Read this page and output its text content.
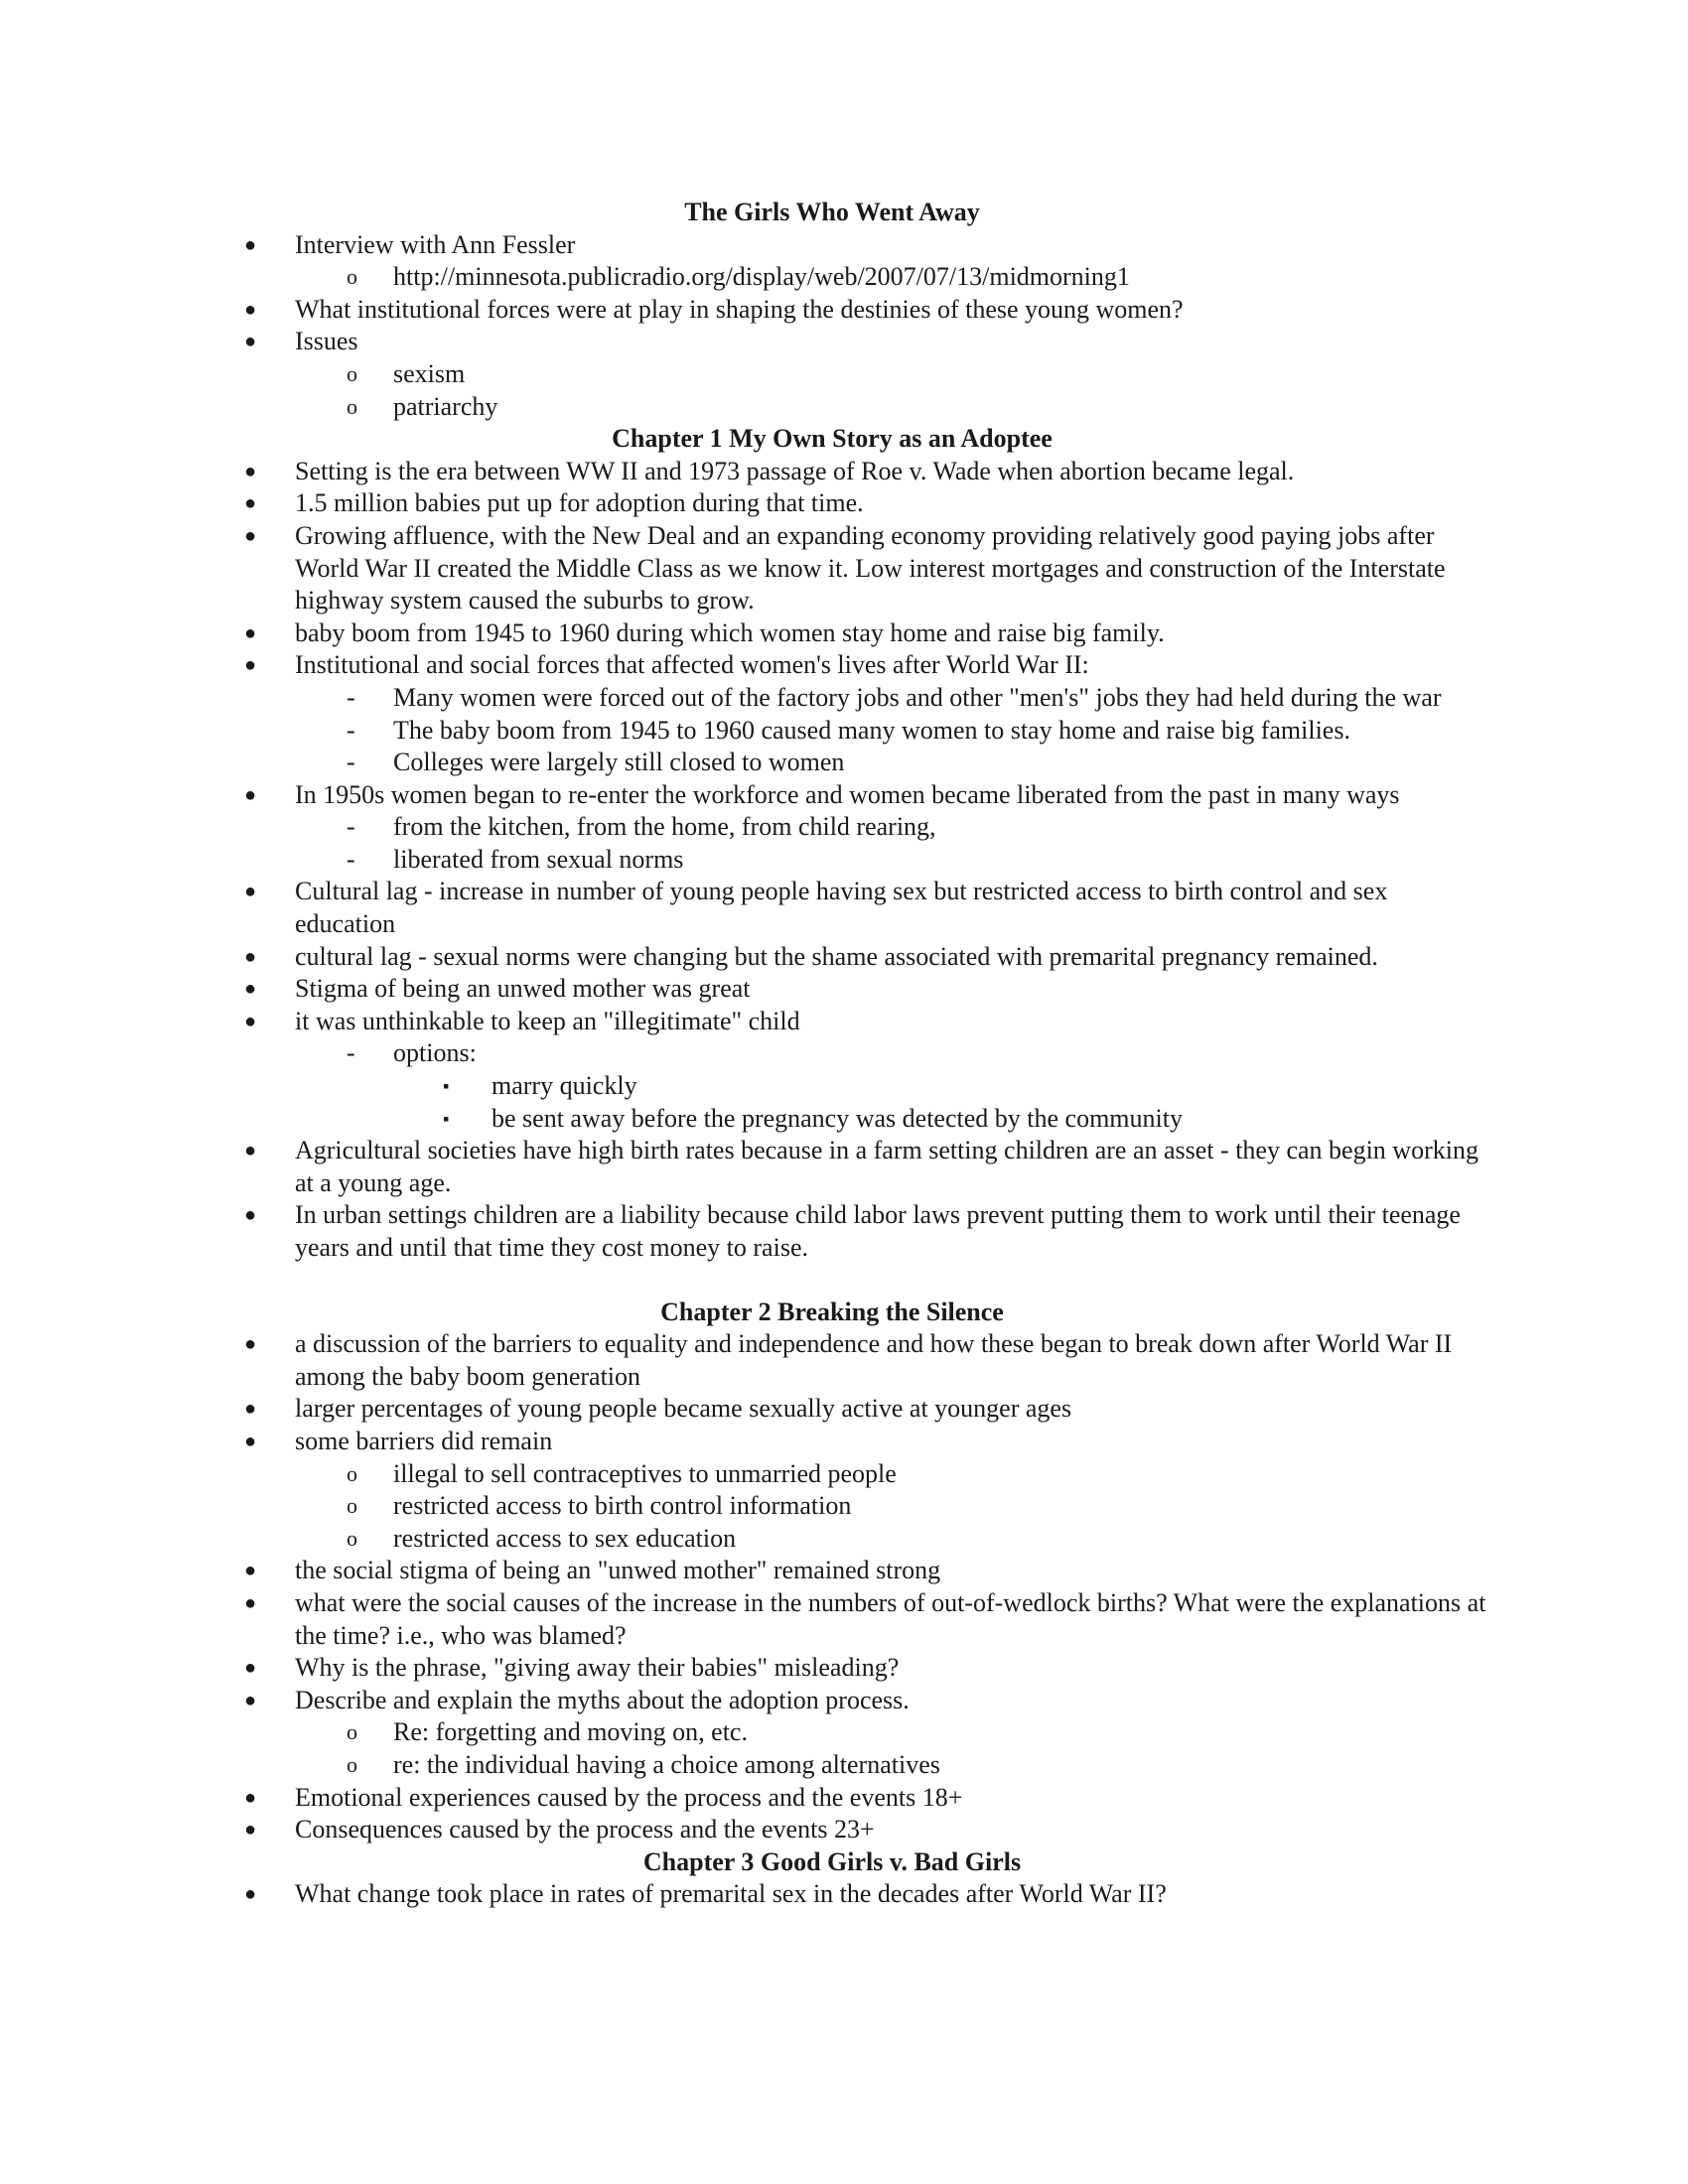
The Girls Who Went Away
● Interview with Ann Fessler
o http://minnesota.publicradio.org/display/web/2007/07/13/midmorning1
● What institutional forces were at play in shaping the destinies of these young women?
● Issues
o sexism
o patriarchy
Chapter 1 My Own Story as an Adoptee
● Setting is the era between WW II and 1973 passage of Roe v. Wade when abortion became legal.
● 1.5 million babies put up for adoption during that time.
● Growing affluence, with the New Deal and an expanding economy providing relatively good paying jobs after World War II created the Middle Class as we know it. Low interest mortgages and construction of the Interstate highway system caused the suburbs to grow.
● baby boom from 1945 to 1960 during which women stay home and raise big family.
● Institutional and social forces that affected women's lives after World War II:
- Many women were forced out of the factory jobs and other "men's" jobs they had held during the war
- The baby boom from 1945 to 1960 caused many women to stay home and raise big families.
- Colleges were largely still closed to women
● In 1950s women began to re-enter the workforce and women became liberated from the past in many ways
- from the kitchen, from the home, from child rearing,
- liberated from sexual norms
● Cultural lag - increase in number of young people having sex but restricted access to birth control and sex education
● cultural lag - sexual norms were changing but the shame associated with premarital pregnancy remained.
● Stigma of being an unwed mother was great
● it was unthinkable to keep an "illegitimate" child
- options:
▪ marry quickly
▪ be sent away before the pregnancy was detected by the community
● Agricultural societies have high birth rates because in a farm setting children are an asset - they can begin working at a young age.
● In urban settings children are a liability because child labor laws prevent putting them to work until their teenage years and until that time they cost money to raise.
Chapter 2 Breaking the Silence
● a discussion of the barriers to equality and independence and how these began to break down after World War II among the baby boom generation
● larger percentages of young people became sexually active at younger ages
● some barriers did remain
o illegal to sell contraceptives to unmarried people
o restricted access to birth control information
o restricted access to sex education
● the social stigma of being an "unwed mother" remained strong
● what were the social causes of the increase in the numbers of out-of-wedlock births? What were the explanations at the time? i.e., who was blamed?
● Why is the phrase, "giving away their babies" misleading?
● Describe and explain the myths about the adoption process.
o Re: forgetting and moving on, etc.
o re: the individual having a choice among alternatives
● Emotional experiences caused by the process and the events 18+
● Consequences caused by the process and the events 23+
Chapter 3 Good Girls v. Bad Girls
● What change took place in rates of premarital sex in the decades after World War II?
